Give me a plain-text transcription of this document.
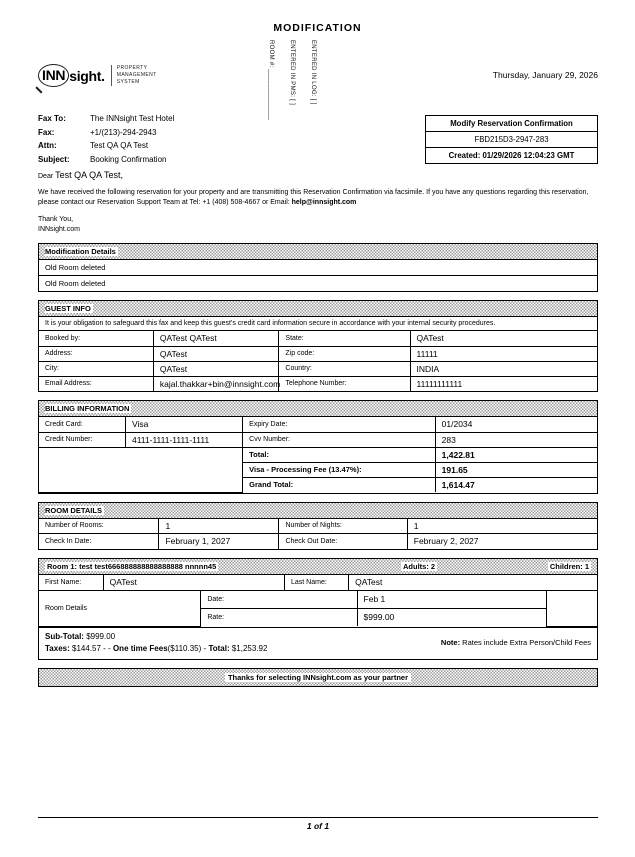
MODIFICATION
INN sight. PROPERTY
MANAGEMENT
SYSTEM	ENTERED IN LOG: [ ]
ENTERED IN PMS: [ ]
ROOM #: ______________	Thursday, January 29, 2026
Fax To:	The INNsight Test Hotel
Fax:	+1/(213)-294-2943
Attn:	Test QA QA Test
Subject:	Booking Confirmation
Modify Reservation Confirmation
FBD215D3-2947-283
Created: 01/29/2026 12:04:23 GMT
Dear Test QA QA Test,
We have received the following reservation for your property and are transmitting this Reservation Confirmation via facsimile. If you have any questions regarding this reservation, please contact our Reservation Support Team at Tel: +1 (408) 508-4667 or Email: help@innsight.com
Thank You,
INNsight.com
Modification Details
Old Room deleted
Old Room deleted
GUEST INFO
It is your obligation to safeguard this fax and keep this guest's credit card information secure in accordance with your internal security procedures.
Booked by:	QATest QATest	State:	QATest
Address:	QATest	Zip code:	11111
City:	QATest	Country:	INDIA
Email Address:	kajal.thakkar+bin@innsight.com	Telephone Number:	11111111111
BILLING INFORMATION
Credit Card:	Visa	Expiry Date:	01/2034
Credit Number:	4111-1111-1111-1111	Cvv Number:	283
		Total:	1,422.81
		Visa - Processing Fee (13.47%):	191.65
		Grand Total:	1,614.47
ROOM DETAILS
Number of Rooms:	1	Number of Nights:	1
Check In Date:	February 1, 2027	Check Out Date:	February 2, 2027
Room 1: test test666888888888888888 nnnnn45	Adults: 2	Children: 1
First Name:	QATest	Last Name:	QATest
Room Details	Date:	Feb 1	
	Rate:	$999.00	
Sub-Total: $999.00
Taxes: $144.57 - - One time Fees($110.35) - Total: $1,253.92
Note: Rates include Extra Person/Child Fees
Thanks for selecting INNsight.com as your partner
1 of 1
